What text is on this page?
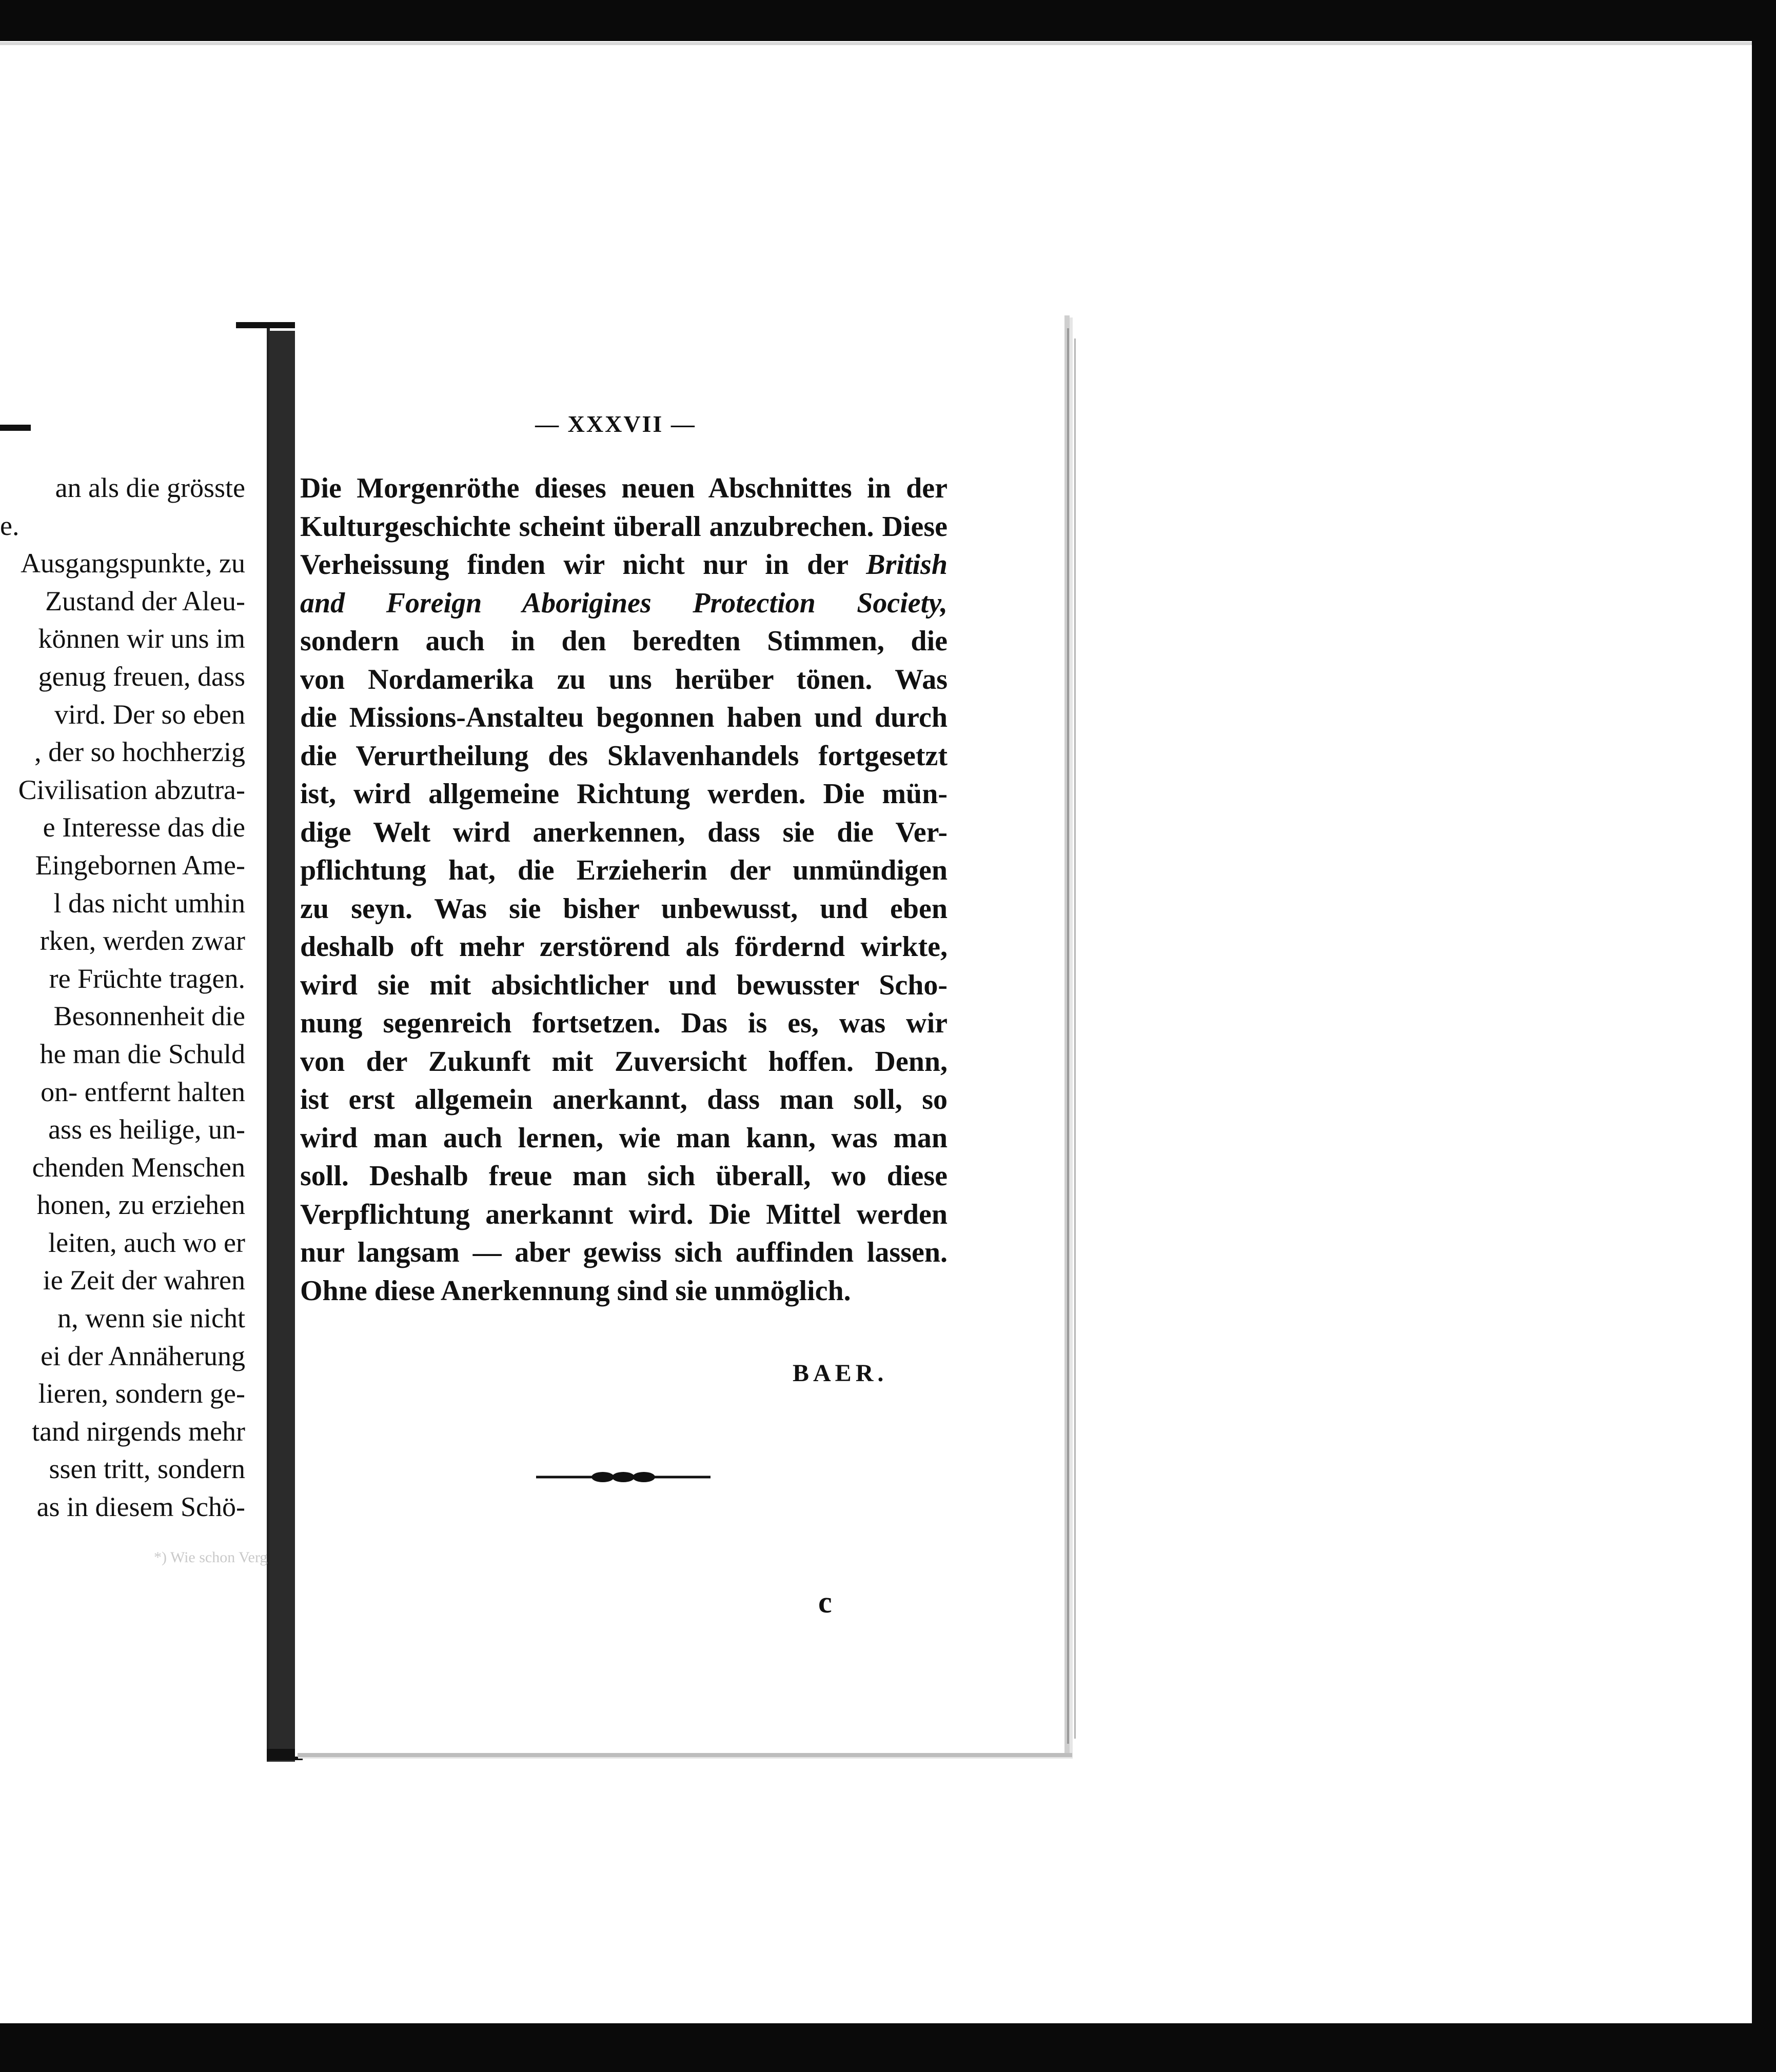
an als die grösste
e.
Ausgangspunkte, zu
Zustand der Aleu-
können wir uns im
genug freuen, dass
vird. Der so eben
, der so hochherzig
Civilisation abzutra-
e Interesse das die
Eingebornen Ame-
l das nicht umhin
rken, werden zwar
re Früchte tragen.
Besonnenheit die
he man die Schuld
on- entfernt halten
ass es heilige, un-
chenden Menschen
honen, zu erziehen
leiten, auch wo er
ie Zeit der wahren
n, wenn sie nicht
ei der Annäherung
lieren, sondern ge-
tand nirgends mehr
ssen tritt, sondern
as in diesem Schö-
*) Wie schon Verg
— XXXVII —
Die Morgenröthe dieses neuen Abschnittes in der
Kulturgeschichte scheint überall anzubrechen. Diese
Verheissung finden wir nicht nur in der British
and Foreign Aborigines Protection Society,
sondern auch in den beredten Stimmen, die
von Nordamerika zu uns herüber tönen. Was
die Missions-Anstalteu begonnen haben und durch
die Verurtheilung des Sklavenhandels fortgesetzt
ist, wird allgemeine Richtung werden. Die mün-
dige Welt wird anerkennen, dass sie die Ver-
pflichtung hat, die Erzieherin der unmündigen
zu seyn. Was sie bisher unbewusst, und eben
deshalb oft mehr zerstörend als fördernd wirkte,
wird sie mit absichtlicher und bewusster Scho-
nung segenreich fortsetzen. Das is es, was wir
von der Zukunft mit Zuversicht hoffen. Denn,
ist erst allgemein anerkannt, dass man soll, so
wird man auch lernen, wie man kann, was man
soll. Deshalb freue man sich überall, wo diese
Verpflichtung anerkannt wird. Die Mittel werden
nur langsam — aber gewiss sich auffinden lassen.
Ohne diese Anerkennung sind sie unmöglich.
BAER.
c
